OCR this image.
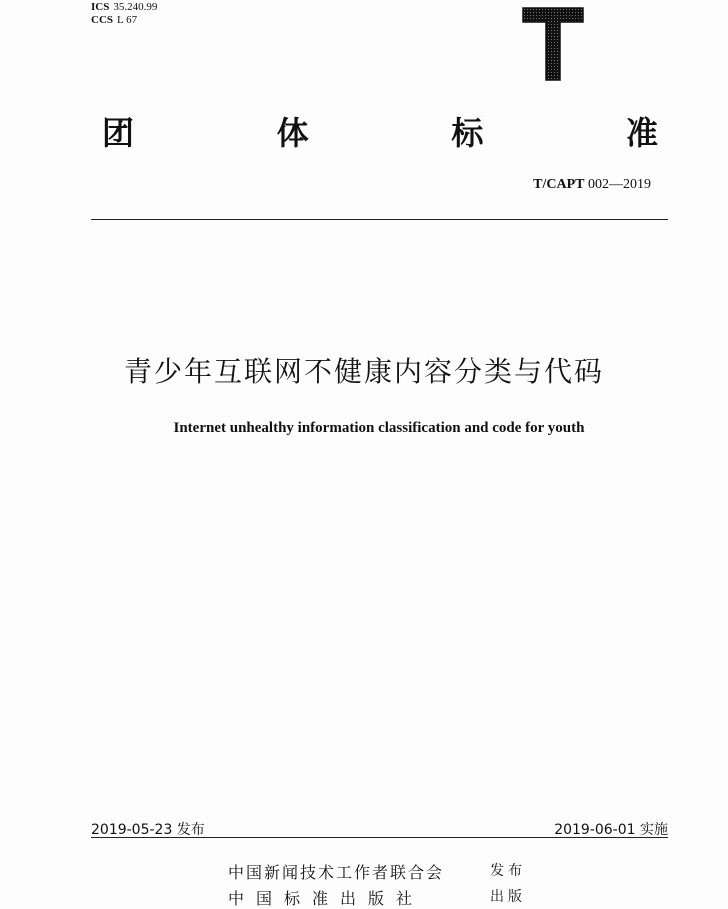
ICS 35.240.99
CCS L 67
团	体	标	准
T/CAPT 002—2019
青少年互联网不健康内容分类与代码
Internet unhealthy information classification and code for youth
2019-05-23 发布	2019-06-01 实施
中国新闻技术工作者联合会	发布
中国标准出版社	出版
